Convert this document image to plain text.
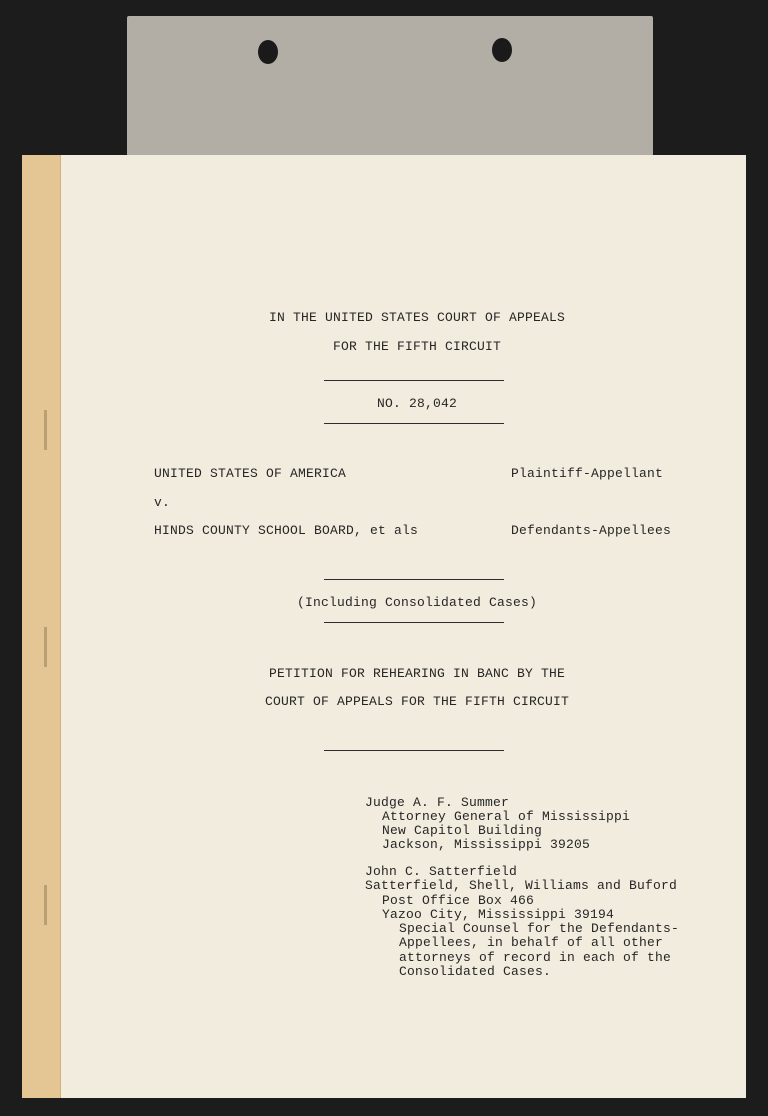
IN THE UNITED STATES COURT OF APPEALS
FOR THE FIFTH CIRCUIT
NO. 28,042
UNITED STATES OF AMERICA	Plaintiff-Appellant
v.
HINDS COUNTY SCHOOL BOARD, et als	Defendants-Appellees
(Including Consolidated Cases)
PETITION FOR REHEARING IN BANC BY THE
COURT OF APPEALS FOR THE FIFTH CIRCUIT
Judge A. F. Summer
Attorney General of Mississippi
New Capitol Building
Jackson, Mississippi 39205
John C. Satterfield
Satterfield, Shell, Williams and Buford
Post Office Box 466
Yazoo City, Mississippi 39194
Special Counsel for the Defendants-
Appellees, in behalf of all other
attorneys of record in each of the
Consolidated Cases.
